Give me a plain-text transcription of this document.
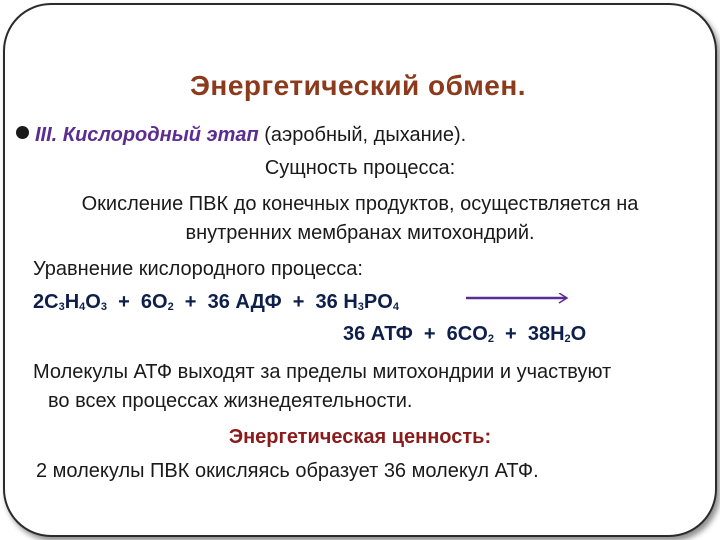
Энергетический обмен.
III. Кислородный этап (аэробный, дыхание).
Сущность процесса:
Окисление ПВК до конечных продуктов, осуществляется на
внутренних мембранах митохондрий.
Уравнение кислородного процесса:
$2C_3H_4O_3 + 6O_2 + 36$ АДФ  +  36 $H_3PO_4$
36 АТФ  +  $6CO_2 + 38H_2O$
Молекулы АТФ выходят за пределы митохондрии и участвуют
во всех процессах жизнедеятельности.
Энергетическая ценность:
2 молекулы ПВК окисляясь образует 36 молекул АТФ.
